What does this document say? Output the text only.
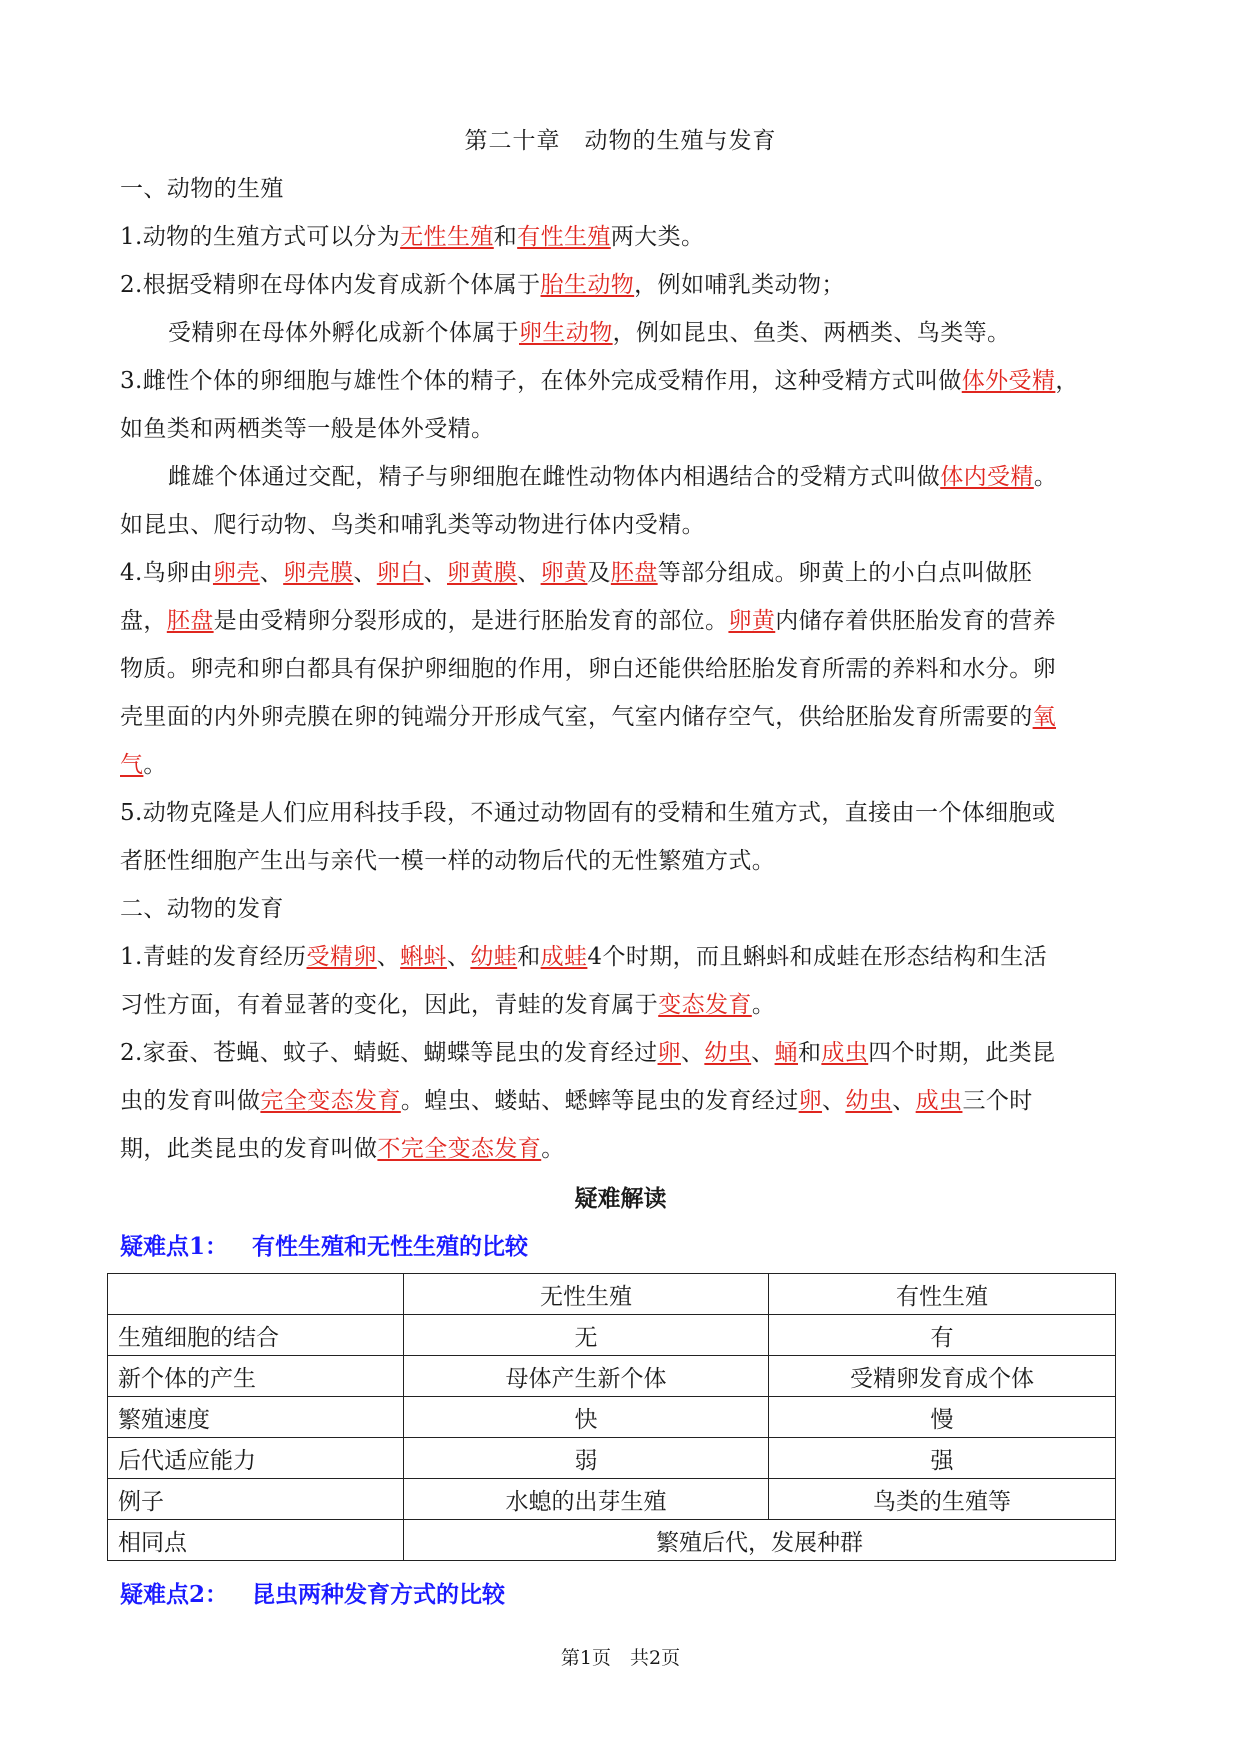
第二十章　动物的生殖与发育
一、动物的生殖
1.动物的生殖方式可以分为无性生殖和有性生殖两大类。
2.根据受精卵在母体内发育成新个体属于胎生动物，例如哺乳类动物；
受精卵在母体外孵化成新个体属于卵生动物，例如昆虫、鱼类、两栖类、鸟类等。
3.雌性个体的卵细胞与雄性个体的精子，在体外完成受精作用，这种受精方式叫做体外受精，
如鱼类和两栖类等一般是体外受精。
雌雄个体通过交配，精子与卵细胞在雌性动物体内相遇结合的受精方式叫做体内受精。
如昆虫、爬行动物、鸟类和哺乳类等动物进行体内受精。
4.鸟卵由卵壳、卵壳膜、卵白、卵黄膜、卵黄及胚盘等部分组成。卵黄上的小白点叫做胚
盘，胚盘是由受精卵分裂形成的，是进行胚胎发育的部位。卵黄内储存着供胚胎发育的营养
物质。卵壳和卵白都具有保护卵细胞的作用，卵白还能供给胚胎发育所需的养料和水分。卵
壳里面的内外卵壳膜在卵的钝端分开形成气室，气室内储存空气，供给胚胎发育所需要的氧
气。
5.动物克隆是人们应用科技手段，不通过动物固有的受精和生殖方式，直接由一个体细胞或
者胚性细胞产生出与亲代一模一样的动物后代的无性繁殖方式。
二、动物的发育
1.青蛙的发育经历受精卵、蝌蚪、幼蛙和成蛙4个时期，而且蝌蚪和成蛙在形态结构和生活
习性方面，有着显著的变化，因此，青蛙的发育属于变态发育。
2.家蚕、苍蝇、蚊子、蜻蜓、蝴蝶等昆虫的发育经过卵、幼虫、蛹和成虫四个时期，此类昆
虫的发育叫做完全变态发育。蝗虫、蝼蛄、蟋蟀等昆虫的发育经过卵、幼虫、成虫三个时
期，此类昆虫的发育叫做不完全变态发育。
疑难解读
疑难点1： 有性生殖和无性生殖的比较
	无性生殖	有性生殖
生殖细胞的结合	无	有
新个体的产生	母体产生新个体	受精卵发育成个体
繁殖速度	快	慢
后代适应能力	弱	强
例子	水螅的出芽生殖	鸟类的生殖等
相同点	繁殖后代，发展种群	
疑难点2： 昆虫两种发育方式的比较
第1页　共2页
